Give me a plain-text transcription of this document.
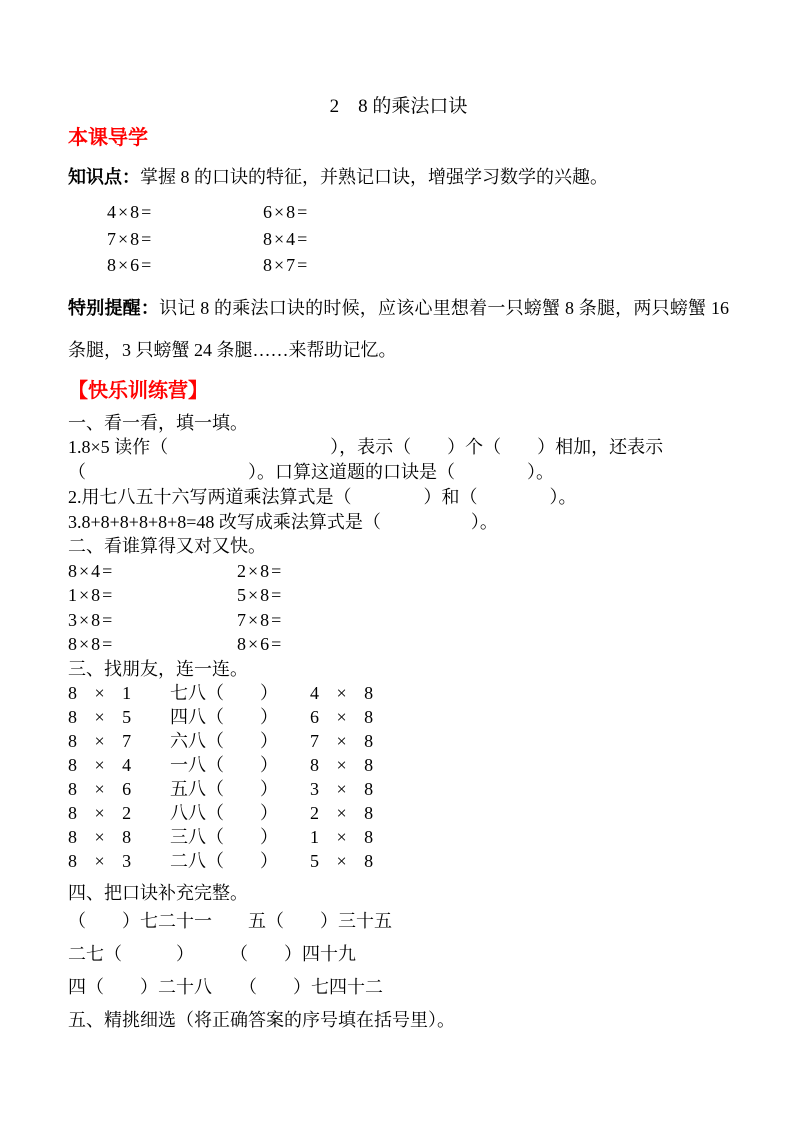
2　8 的乘法口诀
本课导学
知识点：掌握 8 的口诀的特征，并熟记口诀，增强学习数学的兴趣。
4×8=	6×8=
7×8=	8×4=
8×6=	8×7=
特别提醒：识记 8 的乘法口诀的时候，应该心里想着一只螃蟹 8 条腿，两只螃蟹 16 条腿，3 只螃蟹 24 条腿……来帮助记忆。
【快乐训练营】
一、看一看，填一填。
1.8×5 读作（　　　　　　　　　），表示（　　）个（　　）相加，还表示
（　　　　　　　　　）。口算这道题的口诀是（　　　　）。
2.用七八五十六写两道乘法算式是（　　　　）和（　　　　）。
3.8+8+8+8+8+8=48 改写成乘法算式是（　　　　　）。
二、看谁算得又对又快。
8×4=	2×8=
1×8=	5×8=
3×8=	7×8=
8×8=	8×6=
三、找朋友，连一连。
8 × 1 七八（　　） 4 × 8
8 × 5 四八（　　） 6 × 8
8 × 7 六八（　　） 7 × 8
8 × 4 一八（　　） 8 × 8
8 × 6 五八（　　） 3 × 8
8 × 2 八八（　　） 2 × 8
8 × 8 三八（　　） 1 × 8
8 × 3 二八（　　） 5 × 8
四、把口诀补充完整。
（　　）七二十一　　五（　　）三十五
二七（　　　）　　　（　　）四十九
四（　　）二十八　　（　　）七四十二
五、精挑细选（将正确答案的序号填在括号里）。
